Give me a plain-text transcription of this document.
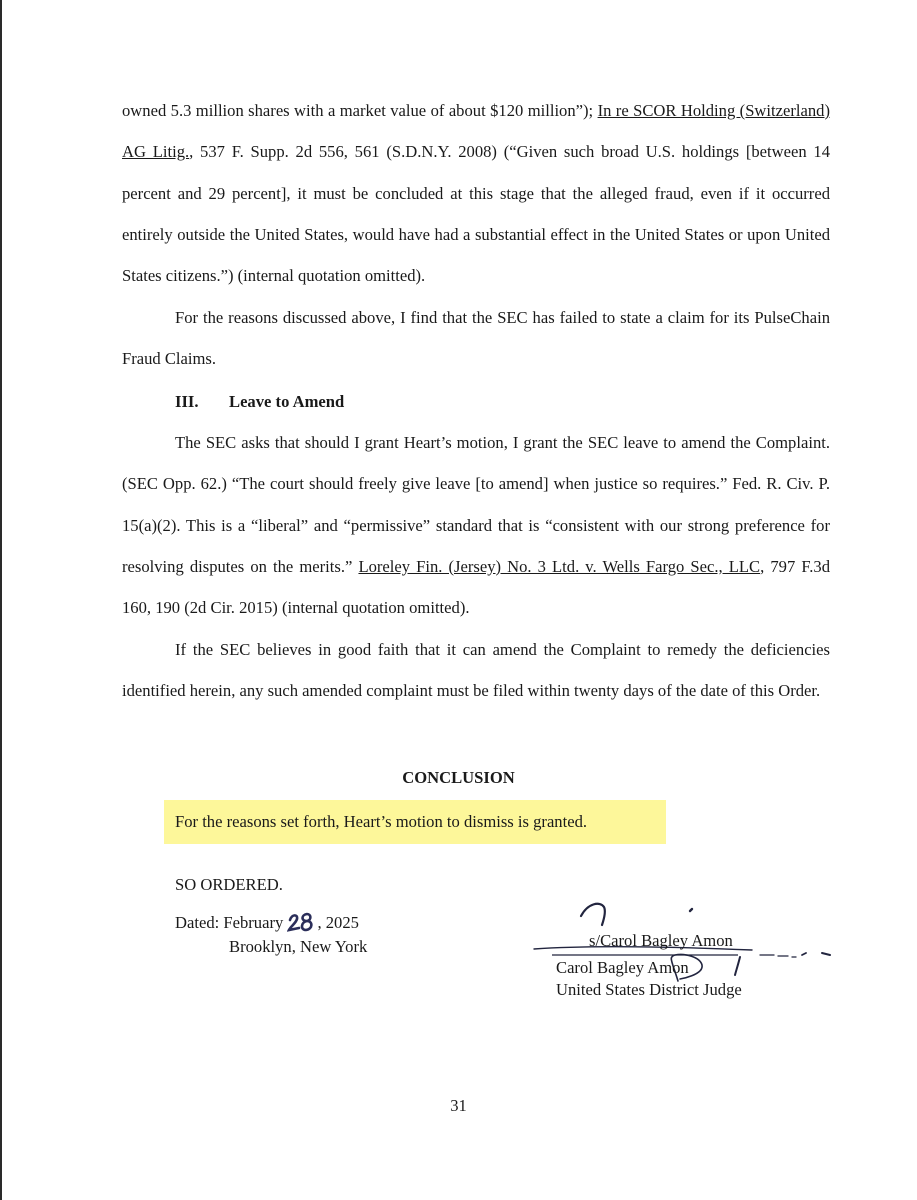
owned 5.3 million shares with a market value of about $120 million”); In re SCOR Holding (Switzerland) AG Litig., 537 F. Supp. 2d 556, 561 (S.D.N.Y. 2008) (“Given such broad U.S. holdings [between 14 percent and 29 percent], it must be concluded at this stage that the alleged fraud, even if it occurred entirely outside the United States, would have had a substantial effect in the United States or upon United States citizens.”) (internal quotation omitted).

For the reasons discussed above, I find that the SEC has failed to state a claim for its PulseChain Fraud Claims.

III. Leave to Amend

The SEC asks that should I grant Heart’s motion, I grant the SEC leave to amend the Complaint. (SEC Opp. 62.) “The court should freely give leave [to amend] when justice so requires.” Fed. R. Civ. P. 15(a)(2). This is a “liberal” and “permissive” standard that is “consistent with our strong preference for resolving disputes on the merits.” Loreley Fin. (Jersey) No. 3 Ltd. v. Wells Fargo Sec., LLC, 797 F.3d 160, 190 (2d Cir. 2015) (internal quotation omitted).

If the SEC believes in good faith that it can amend the Complaint to remedy the deficiencies identified herein, any such amended complaint must be filed within twenty days of the date of this Order.

CONCLUSION
For the reasons set forth, Heart’s motion to dismiss is granted.
SO ORDERED.
Dated: February , 2025
Brooklyn, New York	s/Carol Bagley Amon
Carol Bagley Amon
United States District Judge
31
